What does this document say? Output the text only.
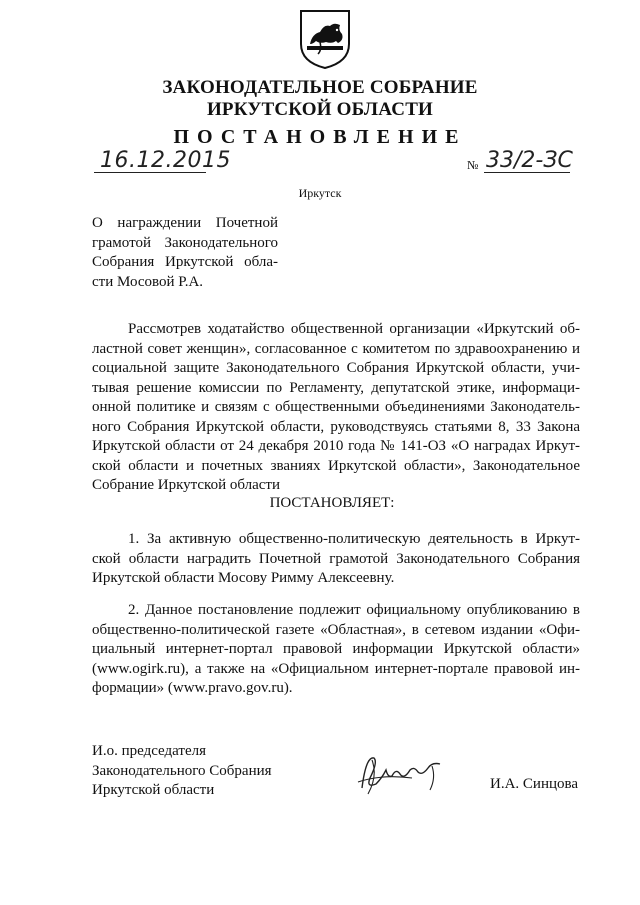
ЗАКОНОДАТЕЛЬНОЕ СОБРАНИЕ
ИРКУТСКОЙ ОБЛАСТИ
ПОСТАНОВЛЕНИЕ
16.12.2015	№ 33/2-ЗС
Иркутск
О награждении Почетной
грамотой Законодательного
Собрания Иркутской обла-
сти Мосовой Р.А.
Рассмотрев ходатайство общественной организации «Иркутский об-
ластной совет женщин», согласованное с комитетом по здравоохранению и
социальной защите Законодательного Собрания Иркутской области, учи-
тывая решение комиссии по Регламенту, депутатской этике, информаци-
онной политике и связям с общественными объединениями Законодатель-
ного Собрания Иркутской области, руководствуясь статьями 8, 33 Закона
Иркутской области от 24 декабря 2010 года № 141-ОЗ «О наградах Иркут-
ской области и почетных званиях Иркутской области», Законодательное
Собрание Иркутской области
ПОСТАНОВЛЯЕТ:
1. За активную общественно-политическую деятельность в Иркут-
ской области наградить Почетной грамотой Законодательного Собрания
Иркутской области Мосову Римму Алексеевну.
2. Данное постановление подлежит официальному опубликованию в
общественно-политической газете «Областная», в сетевом издании «Офи-
циальный интернет-портал правовой информации Иркутской области»
(www.ogirk.ru), а также на «Официальном интернет-портале правовой ин-
формации» (www.pravo.gov.ru).
И.о. председателя
Законодательного Собрания
Иркутской области	И.А. Синцова
